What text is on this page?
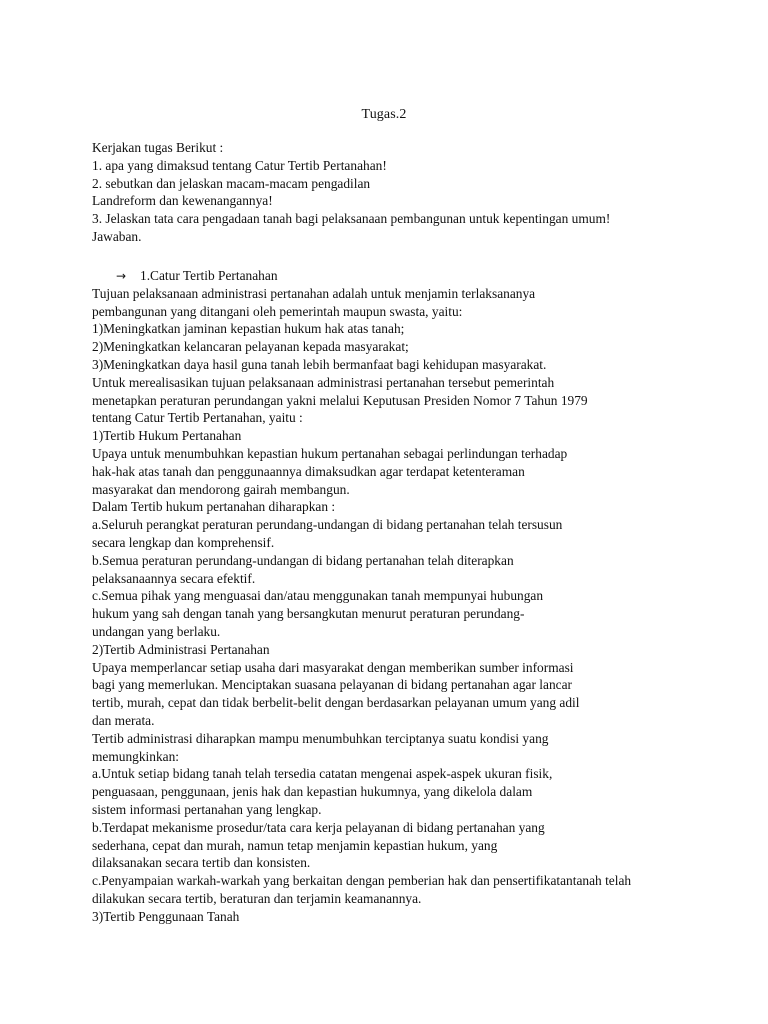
Tugas.2
Kerjakan tugas Berikut :
1. apa yang dimaksud tentang Catur Tertib Pertanahan!
2. sebutkan dan jelaskan macam-macam pengadilan
Landreform dan kewenangannya!
3. Jelaskan tata cara pengadaan tanah bagi pelaksanaan pembangunan untuk kepentingan umum!
Jawaban.
→ 1.Catur Tertib Pertanahan
Tujuan pelaksanaan administrasi pertanahan adalah untuk menjamin terlaksananya
pembangunan yang ditangani oleh pemerintah maupun swasta, yaitu:
1)Meningkatkan jaminan kepastian hukum hak atas tanah;
2)Meningkatkan kelancaran pelayanan kepada masyarakat;
3)Meningkatkan daya hasil guna tanah lebih bermanfaat bagi kehidupan masyarakat.
Untuk merealisasikan tujuan pelaksanaan administrasi pertanahan tersebut pemerintah
menetapkan peraturan perundangan yakni melalui Keputusan Presiden Nomor 7 Tahun 1979
tentang Catur Tertib Pertanahan, yaitu :
1)Tertib Hukum Pertanahan
Upaya untuk menumbuhkan kepastian hukum pertanahan sebagai perlindungan terhadap
hak-hak atas tanah dan penggunaannya dimaksudkan agar terdapat ketenteraman
masyarakat dan mendorong gairah membangun.
Dalam Tertib hukum pertanahan diharapkan :
a.Seluruh perangkat peraturan perundang-undangan di bidang pertanahan telah tersusun
secara lengkap dan komprehensif.
b.Semua peraturan perundang-undangan di bidang pertanahan telah diterapkan
pelaksanaannya secara efektif.
c.Semua pihak yang menguasai dan/atau menggunakan tanah mempunyai hubungan
hukum yang sah dengan tanah yang bersangkutan menurut peraturan perundang-
undangan yang berlaku.
2)Tertib Administrasi Pertanahan
Upaya memperlancar setiap usaha dari masyarakat dengan memberikan sumber informasi
bagi yang memerlukan. Menciptakan suasana pelayanan di bidang pertanahan agar lancar
tertib, murah, cepat dan tidak berbelit-belit dengan berdasarkan pelayanan umum yang adil
dan merata.
Tertib administrasi diharapkan mampu menumbuhkan terciptanya suatu kondisi yang
memungkinkan:
a.Untuk setiap bidang tanah telah tersedia catatan mengenai aspek-aspek ukuran fisik,
penguasaan, penggunaan, jenis hak dan kepastian hukumnya, yang dikelola dalam
sistem informasi pertanahan yang lengkap.
b.Terdapat mekanisme prosedur/tata cara kerja pelayanan di bidang pertanahan yang
sederhana, cepat dan murah, namun tetap menjamin kepastian hukum, yang
dilaksanakan secara tertib dan konsisten.
c.Penyampaian warkah-warkah yang berkaitan dengan pemberian hak dan pensertifikatantanah telah
dilakukan secara tertib, beraturan dan terjamin keamanannya.
3)Tertib Penggunaan Tanah
